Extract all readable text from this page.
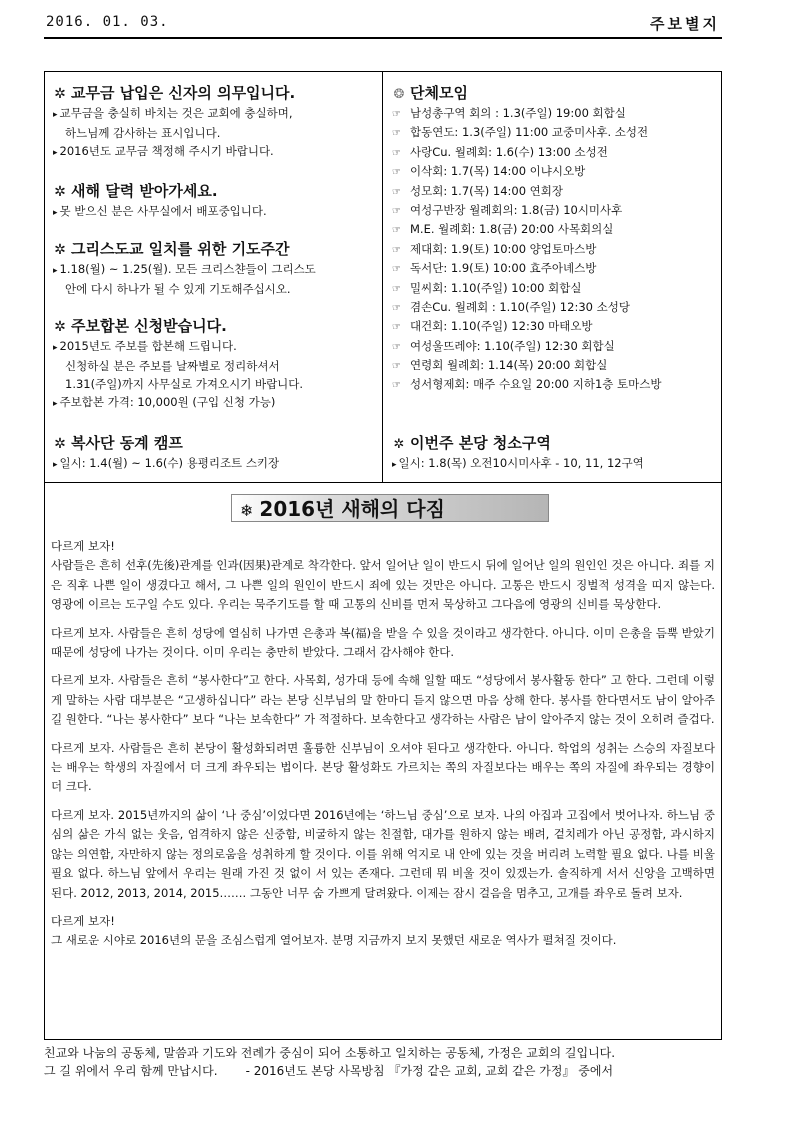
2016. 01. 03.	주보별지
✲ 교무금 납입은 신자의 의무입니다.

▸ 교무금을 충실히 바치는 것은 교회에 충실하며,

하느님께 감사하는 표시입니다.

▸ 2016년도 교무금 책정해 주시기 바랍니다.

✲ 새해 달력 받아가세요.

▸ 못 받으신 분은 사무실에서 배포중입니다.

✲ 그리스도교 일치를 위한 기도주간

▸ 1.18(월) ~ 1.25(월). 모든 크리스챤들이 그리스도

안에 다시 하나가 될 수 있게 기도해주십시오.

✲ 주보합본 신청받습니다.

▸ 2015년도 주보를 합본해 드립니다.

신청하실 분은 주보를 날짜별로 정리하셔서

1.31(주일)까지 사무실로 가져오시기 바랍니다.

▸ 주보합본 가격: 10,000원 (구입 신청 가능)

✲ 복사단 동계 캠프

▸ 일시: 1.4(월) ~ 1.6(수) 용평리조트 스키장

❂ 단체모임
☞ 남성총구역 회의 : 1.3(주일) 19:00 회합실
☞ 합동연도: 1.3(주일) 11:00 교중미사후. 소성전
☞ 사랑Cu. 월례회: 1.6(수) 13:00 소성전
☞ 이삭회: 1.7(목) 14:00 이냐시오방
☞ 성모회: 1.7(목) 14:00 연회장
☞ 여성구반장 월례회의: 1.8(금) 10시미사후
☞ M.E. 월례회: 1.8(금) 20:00 사목회의실
☞ 제대회: 1.9(토) 10:00 양업토마스방
☞ 독서단: 1.9(토) 10:00 효주아녜스방
☞ 밀씨회: 1.10(주일) 10:00 회합실
☞ 겸손Cu. 월례회 : 1.10(주일) 12:30 소성당
☞ 대건회: 1.10(주일) 12:30 마태오방
☞ 여성울뜨레야: 1.10(주일) 12:30 회합실
☞ 연령회 월례회: 1.14(목) 20:00 회합실
☞ 성서형제회: 매주 수요일 20:00 지하1층 토마스방
✲ 이번주 본당 청소구역

▸ 일시: 1.8(목) 오전10시미사후 - 10, 11, 12구역

❄ 2016년 새해의 다짐

다르게 보자!
사람들은 흔히 선후(先後)관계를 인과(因果)관계로 착각한다. 앞서 일어난 일이 반드시 뒤에 일어난 일의 원인인 것은 아니다. 죄를 지은 직후 나쁜 일이 생겼다고 해서, 그 나쁜 일의 원인이 반드시 죄에 있는 것만은 아니다. 고통은 반드시 징벌적 성격을 띠지 않는다. 영광에 이르는 도구일 수도 있다. 우리는 묵주기도를 할 때 고통의 신비를 먼저 묵상하고 그다음에 영광의 신비를 묵상한다.

다르게 보자. 사람들은 흔히 성당에 열심히 나가면 은총과 복(福)을 받을 수 있을 것이라고 생각한다. 아니다. 이미 은총을 듬뿍 받았기 때문에 성당에 나가는 것이다. 이미 우리는 충만히 받았다. 그래서 감사해야 한다.

다르게 보자. 사람들은 흔히 “봉사한다”고 한다. 사목회, 성가대 등에 속해 일할 때도 “성당에서 봉사활동 한다” 고 한다. 그런데 이렇게 말하는 사람 대부분은 “고생하십니다” 라는 본당 신부님의 말 한마디 듣지 않으면 마음 상해 한다. 봉사를 한다면서도 남이 알아주길 원한다. “나는 봉사한다” 보다 “나는 보속한다” 가 적절하다. 보속한다고 생각하는 사람은 남이 알아주지 않는 것이 오히려 즐겁다.

다르게 보자. 사람들은 흔히 본당이 활성화되려면 훌륭한 신부님이 오셔야 된다고 생각한다. 아니다. 학업의 성취는 스승의 자질보다는 배우는 학생의 자질에서 더 크게 좌우되는 법이다. 본당 활성화도 가르치는 쪽의 자질보다는 배우는 쪽의 자질에 좌우되는 경향이 더 크다.

다르게 보자. 2015년까지의 삶이 ‘나 중심’이었다면 2016년에는 ‘하느님 중심’으로 보자. 나의 아집과 고집에서 벗어나자. 하느님 중심의 삶은 가식 없는 웃음, 엄격하지 않은 신중함, 비굴하지 않는 친절함, 대가를 원하지 않는 배려, 겉치레가 아닌 공정함, 과시하지 않는 의연함, 자만하지 않는 정의로움을 성취하게 할 것이다. 이를 위해 억지로 내 안에 있는 것을 버리려 노력할 필요 없다. 나를 비울 필요 없다. 하느님 앞에서 우리는 원래 가진 것 없이 서 있는 존재다. 그런데 뭐 비울 것이 있겠는가. 솔직하게 서서 신앙을 고백하면 된다. 2012, 2013, 2014, 2015……. 그동안 너무 숨 가쁘게 달려왔다. 이제는 잠시 걸음을 멈추고, 고개를 좌우로 돌려 보자.

다르게 보자!
그 새로운 시야로 2016년의 문을 조심스럽게 열어보자. 분명 지금까지 보지 못했던 새로운 역사가 펼쳐질 것이다.

친교와 나눔의 공동체, 말씀과 기도와 전례가 중심이 되어 소통하고 일치하는 공동체, 가정은 교회의 길입니다.
그 길 위에서 우리 함께 만납시다. - 2016년도 본당 사목방침 『가정 같은 교회, 교회 같은 가정』 중에서
